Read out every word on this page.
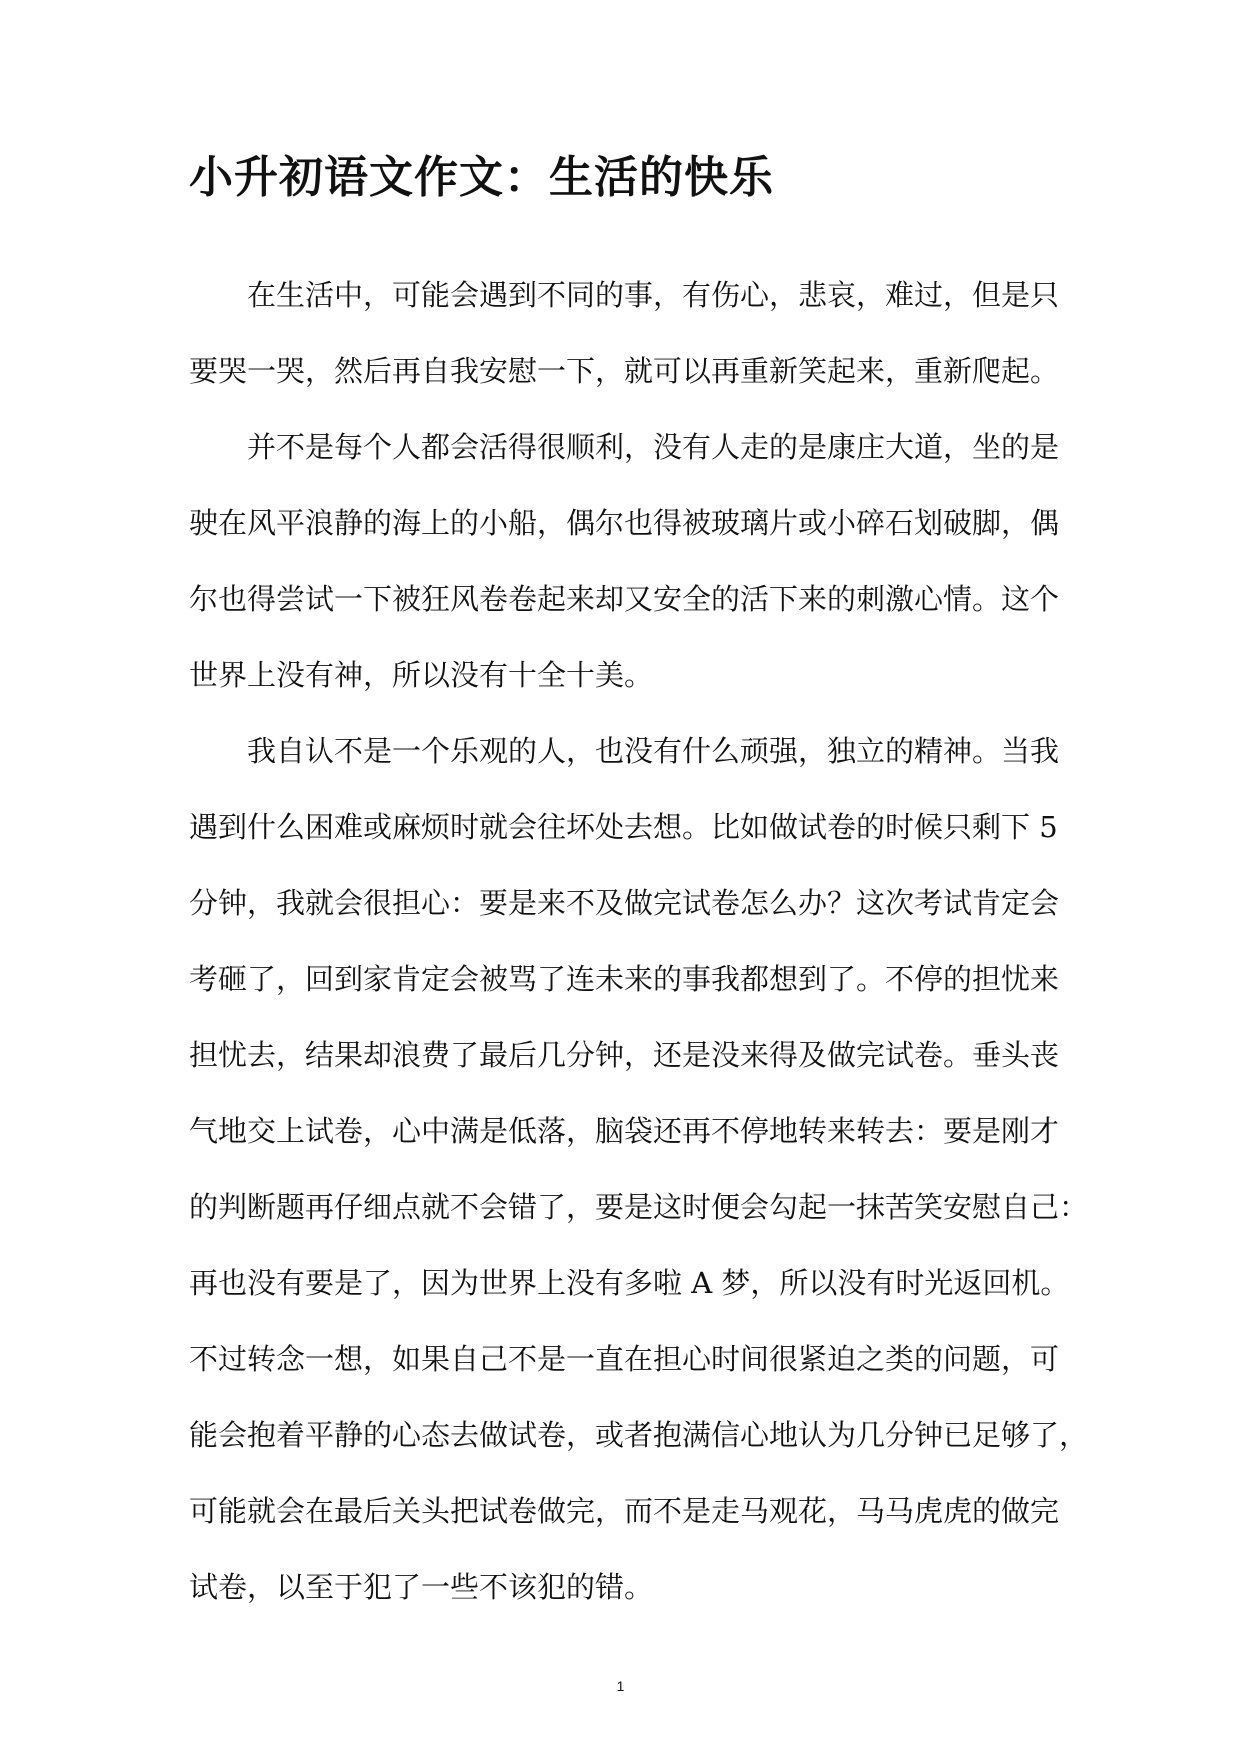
小升初语文作文：生活的快乐
在生活中，可能会遇到不同的事，有伤心，悲哀，难过，但是只
要哭一哭，然后再自我安慰一下，就可以再重新笑起来，重新爬起。
并不是每个人都会活得很顺利，没有人走的是康庄大道，坐的是
驶在风平浪静的海上的小船，偶尔也得被玻璃片或小碎石划破脚，偶
尔也得尝试一下被狂风卷卷起来却又安全的活下来的刺激心情。这个
世界上没有神，所以没有十全十美。
我自认不是一个乐观的人，也没有什么顽强，独立的精神。当我
遇到什么困难或麻烦时就会往坏处去想。比如做试卷的时候只剩下 5
分钟，我就会很担心：要是来不及做完试卷怎么办？这次考试肯定会
考砸了，回到家肯定会被骂了连未来的事我都想到了。不停的担忧来
担忧去，结果却浪费了最后几分钟，还是没来得及做完试卷。垂头丧
气地交上试卷，心中满是低落，脑袋还再不停地转来转去：要是刚才
的判断题再仔细点就不会错了，要是这时便会勾起一抹苦笑安慰自己：
再也没有要是了，因为世界上没有多啦 A 梦，所以没有时光返回机。
不过转念一想，如果自己不是一直在担心时间很紧迫之类的问题，可
能会抱着平静的心态去做试卷，或者抱满信心地认为几分钟已足够了，
可能就会在最后关头把试卷做完，而不是走马观花，马马虎虎的做完
试卷，以至于犯了一些不该犯的错。
1
